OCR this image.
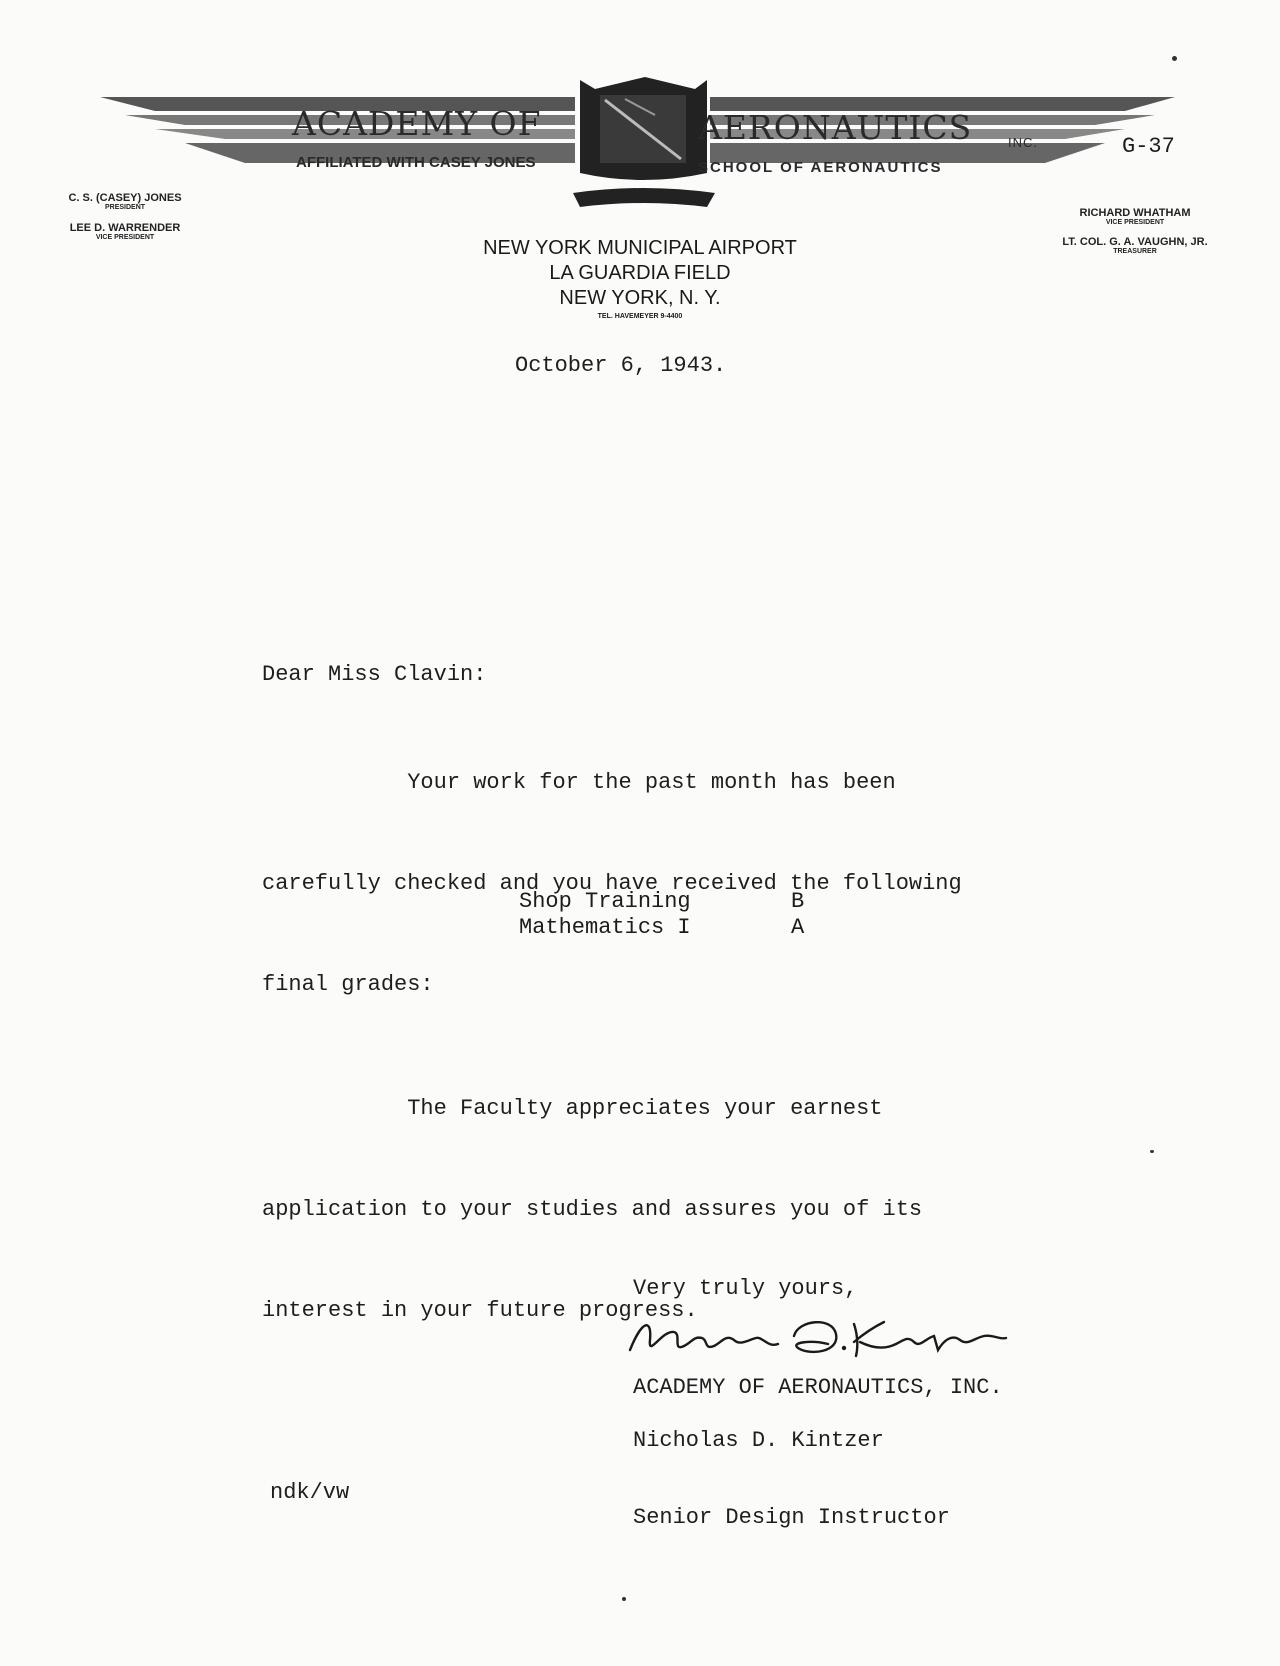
ACADEMY OF	AERONAUTICS	INC.
AFFILIATED WITH CASEY JONES	SCHOOL OF AERONAUTICS
G-37
C. S. (CASEY) JONES
PRESIDENT
LEE D. WARRENDER
VICE PRESIDENT
RICHARD WHATHAM
VICE PRESIDENT
LT. COL. G. A. VAUGHN, JR.
TREASURER
NEW YORK MUNICIPAL AIRPORT
LA GUARDIA FIELD
NEW YORK, N. Y.
TEL. HAVEMEYER 9-4400
October 6, 1943.
Dear Miss Clavin:

Your work for the past month has been

carefully checked and you have received the following

final grades:

Shop Training	B
Mathematics I	A

The Faculty appreciates your earnest

application to your studies and assures you of its

interest in your future progress.

Very truly yours,

ACADEMY OF AERONAUTICS, INC.

Nicholas D. Kintzer

Senior Design Instructor

ndk/vw
